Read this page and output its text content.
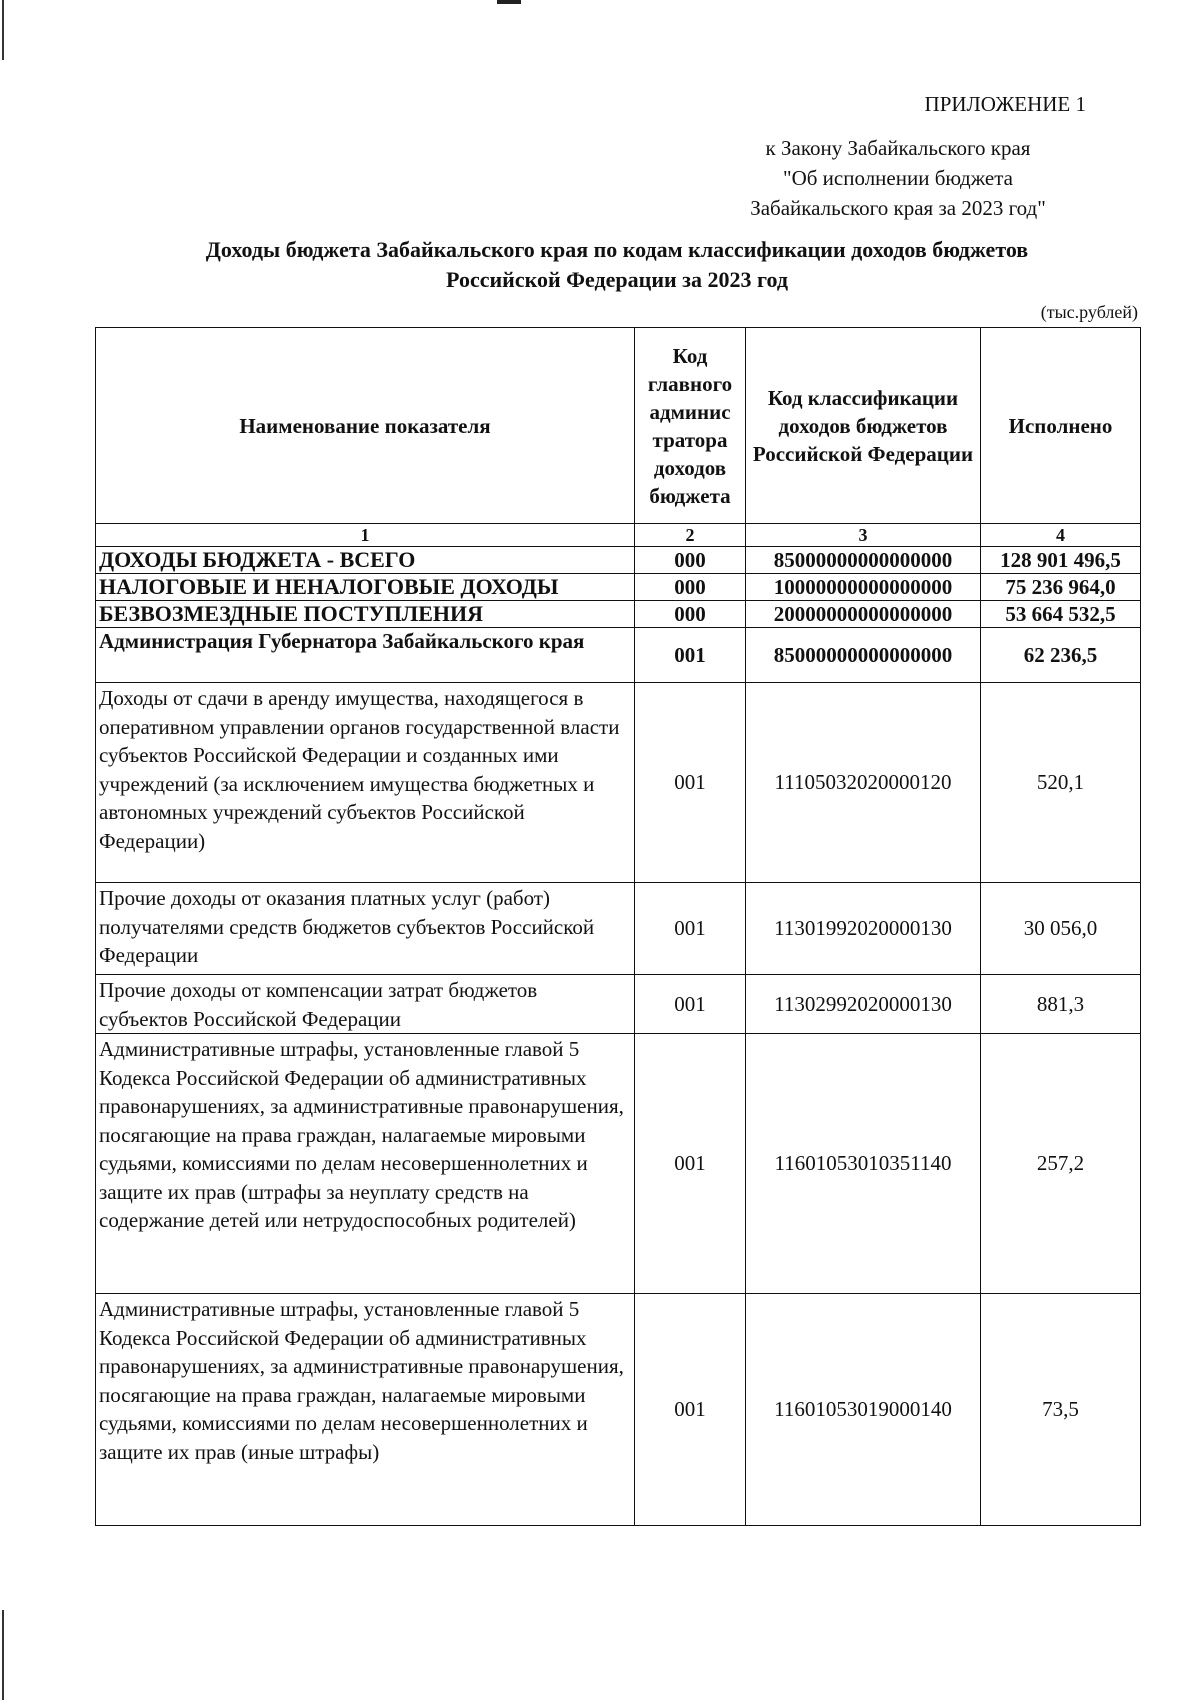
ПРИЛОЖЕНИЕ 1
к Закону Забайкальского края
"Об исполнении бюджета
Забайкальского края за 2023 год"
Доходы бюджета Забайкальского края по кодам классификации доходов бюджетов
Российской Федерации за 2023 год
(тыс.рублей)
Наименование показателя	Код главного админис тратора доходов бюджета	Код классификации доходов бюджетов Российской Федерации	Исполнено
1	2	3	4
ДОХОДЫ БЮДЖЕТА - ВСЕГО	000	85000000000000000	128 901 496,5
НАЛОГОВЫЕ И НЕНАЛОГОВЫЕ ДОХОДЫ	000	10000000000000000	75 236 964,0
БЕЗВОЗМЕЗДНЫЕ ПОСТУПЛЕНИЯ	000	20000000000000000	53 664 532,5
Администрация Губернатора Забайкальского края	001	85000000000000000	62 236,5
Доходы от сдачи в аренду имущества, находящегося в оперативном управлении органов государственной власти субъектов Российской Федерации и созданных ими учреждений (за исключением имущества бюджетных и автономных учреждений субъектов Российской Федерации)	001	11105032020000120	520,1
Прочие доходы от оказания платных услуг (работ) получателями средств бюджетов субъектов Российской Федерации	001	11301992020000130	30 056,0
Прочие доходы от компенсации затрат бюджетов субъектов Российской Федерации	001	11302992020000130	881,3
Административные штрафы, установленные главой 5 Кодекса Российской Федерации об административных правонарушениях, за административные правонарушения, посягающие на права граждан, налагаемые мировыми судьями, комиссиями по делам несовершеннолетних и защите их прав (штрафы за неуплату средств на содержание детей или нетрудоспособных родителей)	001	11601053010351140	257,2
Административные штрафы, установленные главой 5 Кодекса Российской Федерации об административных правонарушениях, за административные правонарушения, посягающие на права граждан, налагаемые мировыми судьями, комиссиями по делам несовершеннолетних и защите их прав (иные штрафы)	001	11601053019000140	73,5
